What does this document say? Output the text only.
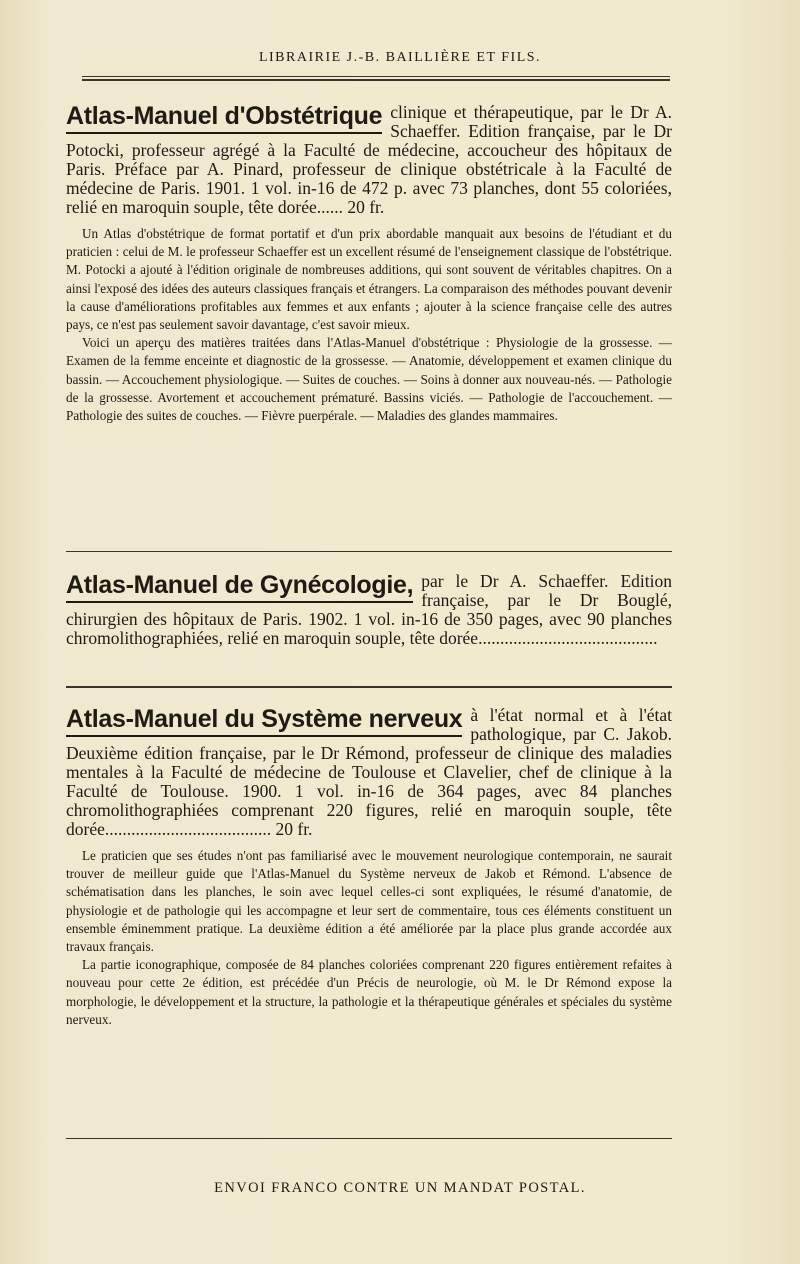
LIBRAIRIE J.-B. BAILLIÈRE ET FILS.
Atlas-Manuel d'Obstétrique clinique et thérapeutique, par le Dr A. Schaeffer. Edition française, par le Dr Potocki, professeur agrégé à la Faculté de médecine, accoucheur des hôpitaux de Paris. Préface par A. Pinard, professeur de clinique obstétricale à la Faculté de médecine de Paris. 1901. 1 vol. in-16 de 472 p. avec 73 planches, dont 55 coloriées, relié en maroquin souple, tête dorée...... 20 fr.

Un Atlas d'obstétrique de format portatif et d'un prix abordable manquait aux besoins de l'étudiant et du praticien : celui de M. le professeur Schaeffer est un excellent résumé de l'enseignement classique de l'obstétrique. M. Potocki a ajouté à l'édition originale de nombreuses additions, qui sont souvent de véritables chapitres. On a ainsi l'exposé des idées des auteurs classiques français et étrangers. La comparaison des méthodes pouvant devenir la cause d'améliorations profitables aux femmes et aux enfants ; ajouter à la science française celle des autres pays, ce n'est pas seulement savoir davantage, c'est savoir mieux.

Voici un aperçu des matières traitées dans l'Atlas-Manuel d'obstétrique : Physiologie de la grossesse. — Examen de la femme enceinte et diagnostic de la grossesse. — Anatomie, développement et examen clinique du bassin. — Accouchement physiologique. — Suites de couches. — Soins à donner aux nouveau-nés. — Pathologie de la grossesse. Avortement et accouchement prématuré. Bassins viciés. — Pathologie de l'accouchement. — Pathologie des suites de couches. — Fièvre puerpérale. — Maladies des glandes mammaires.

Atlas-Manuel de Gynécologie, par le Dr A. Schaeffer. Edition française, par le Dr Bouglé, chirurgien des hôpitaux de Paris. 1902. 1 vol. in-16 de 350 pages, avec 90 planches chromolithographiées, relié en maroquin souple, tête dorée.........................................
Atlas-Manuel du Système nerveux à l'état normal et à l'état pathologique, par C. Jakob. Deuxième édition française, par le Dr Rémond, professeur de clinique des maladies mentales à la Faculté de médecine de Toulouse et Clavelier, chef de clinique à la Faculté de Toulouse. 1900. 1 vol. in-16 de 364 pages, avec 84 planches chromolithographiées comprenant 220 figures, relié en maroquin souple, tête dorée...................................... 20 fr.

Le praticien que ses études n'ont pas familiarisé avec le mouvement neurologique contemporain, ne saurait trouver de meilleur guide que l'Atlas-Manuel du Système nerveux de Jakob et Rémond. L'absence de schématisation dans les planches, le soin avec lequel celles-ci sont expliquées, le résumé d'anatomie, de physiologie et de pathologie qui les accompagne et leur sert de commentaire, tous ces éléments constituent un ensemble éminemment pratique. La deuxième édition a été améliorée par la place plus grande accordée aux travaux français.

La partie iconographique, composée de 84 planches coloriées comprenant 220 figures entièrement refaites à nouveau pour cette 2e édition, est précédée d'un Précis de neurologie, où M. le Dr Rémond expose la morphologie, le développement et la structure, la pathologie et la thérapeutique générales et spéciales du système nerveux.

ENVOI FRANCO CONTRE UN MANDAT POSTAL.
